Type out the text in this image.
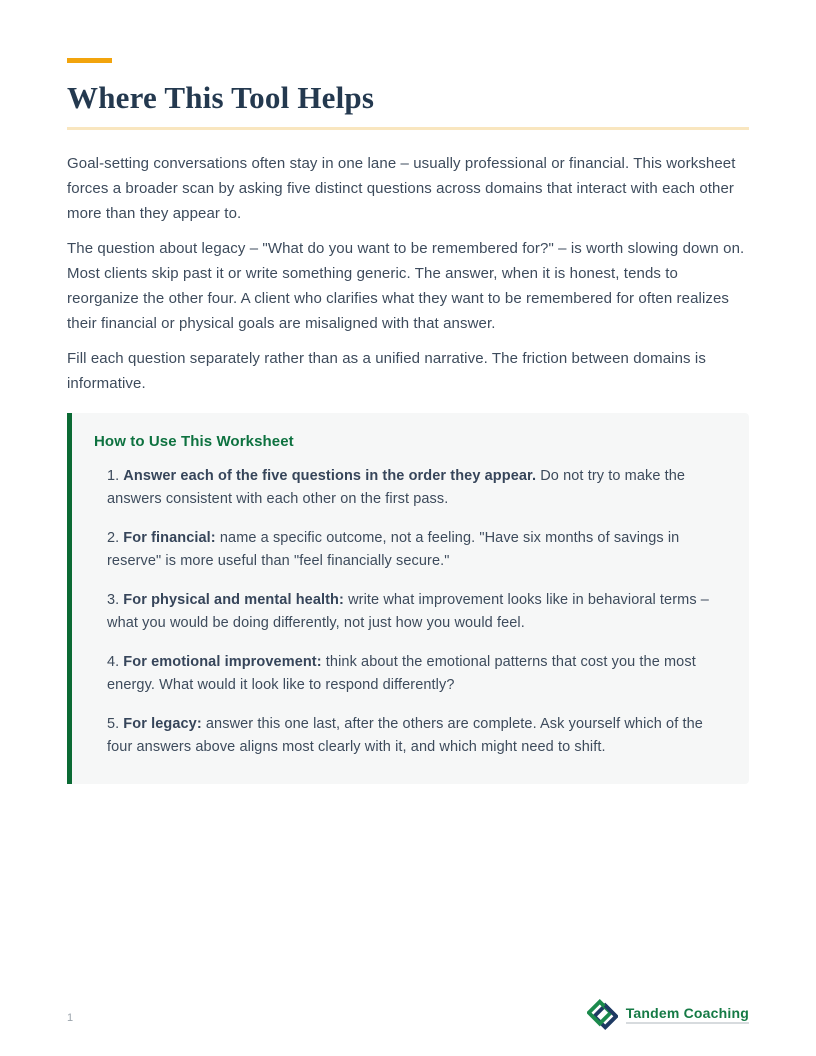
Where This Tool Helps

Goal-setting conversations often stay in one lane – usually professional or financial. This worksheet forces a broader scan by asking five distinct questions across domains that interact with each other more than they appear to.

The question about legacy – "What do you want to be remembered for?" – is worth slowing down on. Most clients skip past it or write something generic. The answer, when it is honest, tends to reorganize the other four. A client who clarifies what they want to be remembered for often realizes their financial or physical goals are misaligned with that answer.

Fill each question separately rather than as a unified narrative. The friction between domains is informative.

How to Use This Worksheet
1. Answer each of the five questions in the order they appear. Do not try to make the answers consistent with each other on the first pass.
2. For financial: name a specific outcome, not a feeling. "Have six months of savings in reserve" is more useful than "feel financially secure."
3. For physical and mental health: write what improvement looks like in behavioral terms – what you would be doing differently, not just how you would feel.
4. For emotional improvement: think about the emotional patterns that cost you the most energy. What would it look like to respond differently?
5. For legacy: answer this one last, after the others are complete. Ask yourself which of the four answers above aligns most clearly with it, and which might need to shift.
1	Tandem Coaching
